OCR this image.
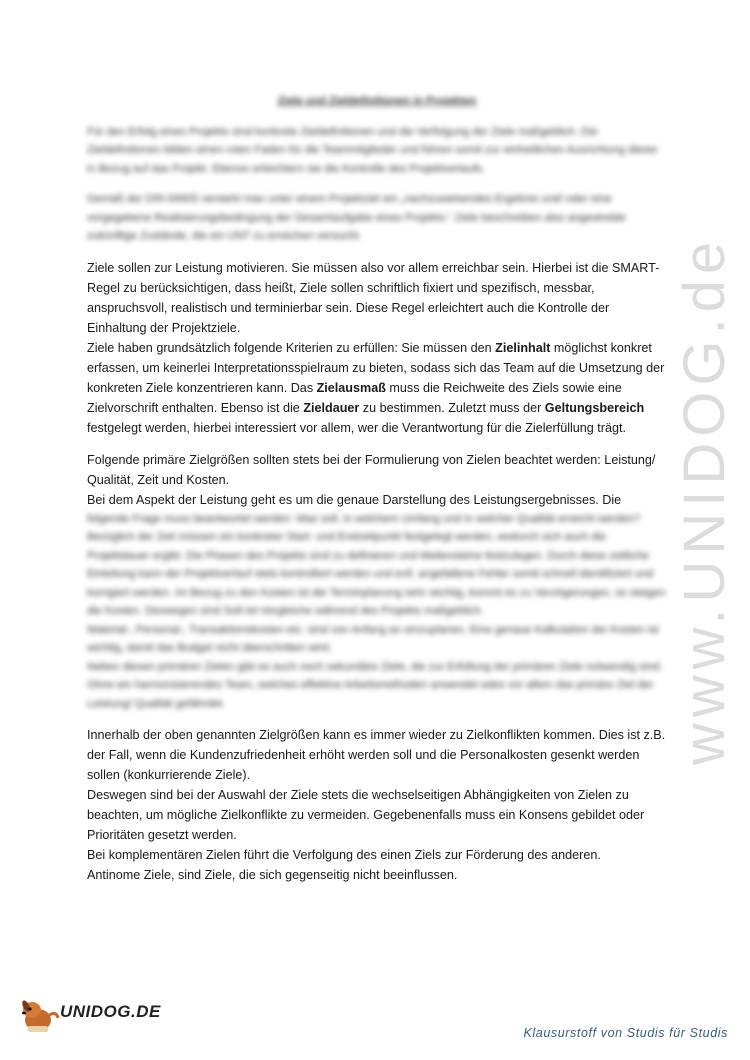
Ziele und Zieldefinitionen in Projekten

Für den Erfolg eines Projekts sind konkrete Zieldefinitionen und die Verfolgung der Ziele maßgeblich. Die Zieldefinitionen bilden einen roten Faden für die Teammitglieder und führen somit zur einheitlichen Ausrichtung dieser in Bezug auf das Projekt. Ebenso erleichtern sie die Kontrolle des Projektverlaufs.

Gemäß der DIN 69905 versteht man unter einem Projektziel ein „nachzuweisendes Ergebnis und/ oder eine vorgegebene Realisierungsbedingung der Gesamtaufgabe eines Projekts.“ Ziele beschreiben also angestrebte zukünftige Zustände, die ein UNT zu erreichen versucht.

Ziele sollen zur Leistung motivieren. Sie müssen also vor allem erreichbar sein. Hierbei ist die SMART-Regel zu berücksichtigen, dass heißt, Ziele sollen schriftlich fixiert und spezifisch, messbar, anspruchsvoll, realistisch und terminierbar sein. Diese Regel erleichtert auch die Kontrolle der Einhaltung der Projektziele.

Ziele haben grundsätzlich folgende Kriterien zu erfüllen: Sie müssen den Zielinhalt möglichst konkret erfassen, um keinerlei Interpretationsspielraum zu bieten, sodass sich das Team auf die Umsetzung der konkreten Ziele konzentrieren kann. Das Zielausmaß muss die Reichweite des Ziels sowie eine Zielvorschrift enthalten. Ebenso ist die Zieldauer zu bestimmen. Zuletzt muss der Geltungsbereich festgelegt werden, hierbei interessiert vor allem, wer die Verantwortung für die Zielerfüllung trägt.

Folgende primäre Zielgrößen sollten stets bei der Formulierung von Zielen beachtet werden: Leistung/ Qualität, Zeit und Kosten.

Bei dem Aspekt der Leistung geht es um die genaue Darstellung des Leistungsergebnisses. Die

folgende Frage muss beantwortet werden: Was soll, in welchem Umfang und in welcher Qualität erreicht werden?

Bezüglich der Zeit müssen ein konkreter Start- und Endzeitpunkt festgelegt werden, wodurch sich auch die Projektdauer ergibt. Die Phasen des Projekts sind zu definieren und Meilensteine festzulegen. Durch diese zeitliche Einteilung kann der Projektverlauf stets kontrolliert werden und evtl. angefallene Fehler somit schnell identifiziert und korrigiert werden. Im Bezug zu den Kosten ist die Terminplanung sehr wichtig, kommt es zu Verzögerungen, so steigen die Kosten. Deswegen sind Soll-Ist-Vergleiche während des Projekts maßgeblich.

Material-, Personal-, Transaktionskosten etc. sind von Anfang an einzuplanen. Eine genaue Kalkulation der Kosten ist wichtig, damit das Budget nicht überschritten wird.

Neben diesen primären Zielen gibt es auch noch sekundäre Ziele, die zur Erfüllung der primären Ziele notwendig sind. Ohne ein harmonisierendes Team, welches effektive Arbeitsmethoden anwendet wäre vor allem das primäre Ziel der Leistung/ Qualität gefährdet.

Innerhalb der oben genannten Zielgrößen kann es immer wieder zu Zielkonflikten kommen. Dies ist z.B. der Fall, wenn die Kundenzufriedenheit erhöht werden soll und die Personalkosten gesenkt werden sollen (konkurrierende Ziele).

Deswegen sind bei der Auswahl der Ziele stets die wechselseitigen Abhängigkeiten von Zielen zu beachten, um mögliche Zielkonflikte zu vermeiden. Gegebenenfalls muss ein Konsens gebildet oder Prioritäten gesetzt werden.

Bei komplementären Zielen führt die Verfolgung des einen Ziels zur Förderung des anderen.

Antinome Ziele, sind Ziele, die sich gegenseitig nicht beeinflussen.

www.UNIDOG.de
UNIDOG.DE
Klausurstoff von Studis für Studis
